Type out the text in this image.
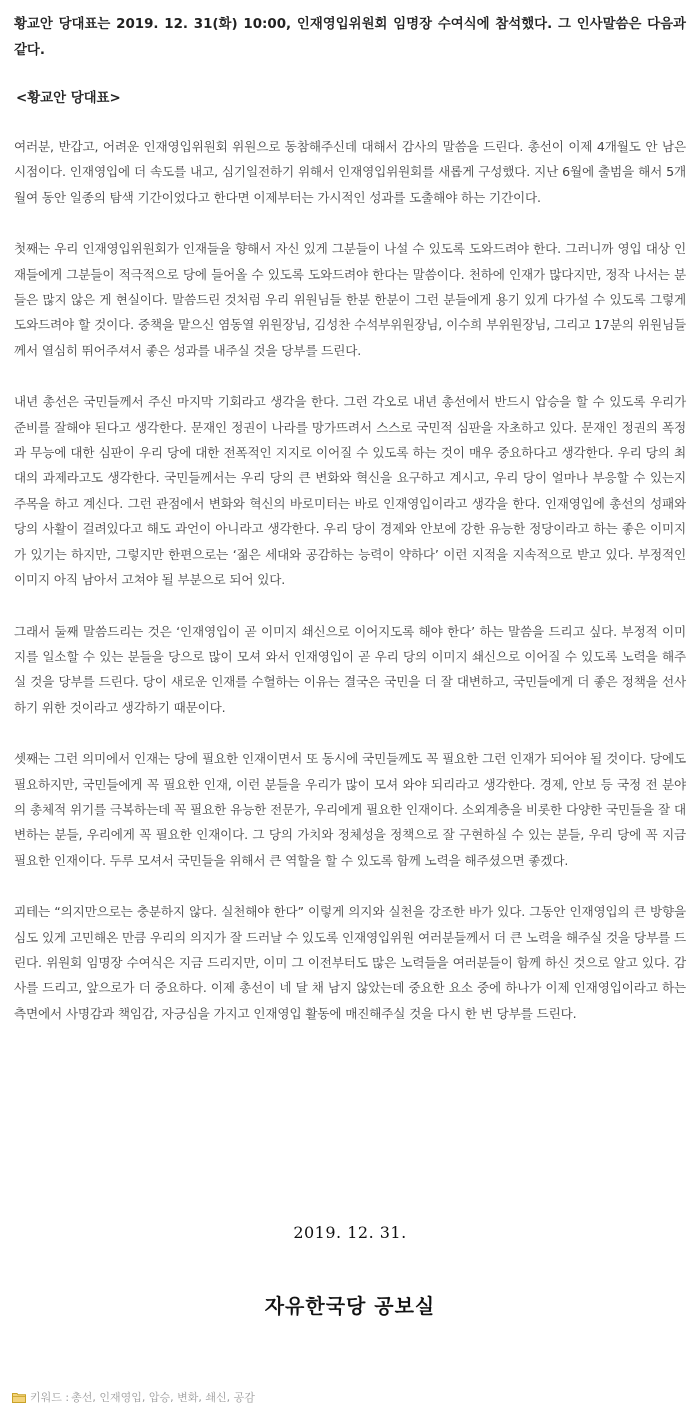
황교안 당대표는 2019. 12. 31(화) 10:00, 인재영입위원회 임명장 수여식에 참석했다. 그 인사말씀은 다음과 같다.

<황교안 당대표>

여러분, 반갑고, 어려운 인재영입위원회 위원으로 동참해주신데 대해서 감사의 말씀을 드린다. 총선이 이제 4개월도 안 남은 시점이다. 인재영입에 더 속도를 내고, 심기일전하기 위해서 인재영입위원회를 새롭게 구성했다. 지난 6월에 출범을 해서 5개월여 동안 일종의 탐색 기간이었다고 한다면 이제부터는 가시적인 성과를 도출해야 하는 기간이다.

첫째는 우리 인재영입위원회가 인재들을 향해서 자신 있게 그분들이 나설 수 있도록 도와드려야 한다. 그러니까 영입 대상 인재들에게 그분들이 적극적으로 당에 들어올 수 있도록 도와드려야 한다는 말씀이다. 천하에 인재가 많다지만, 정작 나서는 분들은 많지 않은 게 현실이다. 말씀드린 것처럼 우리 위원님들 한분 한분이 그런 분들에게 용기 있게 다가설 수 있도록 그렇게 도와드려야 할 것이다. 중책을 맡으신 염동열 위원장님, 김성찬 수석부위원장님, 이수희 부위원장님, 그리고 17분의 위원님들께서 열심히 뛰어주셔서 좋은 성과를 내주실 것을 당부를 드린다.

내년 총선은 국민들께서 주신 마지막 기회라고 생각을 한다. 그런 각오로 내년 총선에서 반드시 압승을 할 수 있도록 우리가 준비를 잘해야 된다고 생각한다. 문재인 정권이 나라를 망가뜨려서 스스로 국민적 심판을 자초하고 있다. 문재인 정권의 폭정과 무능에 대한 심판이 우리 당에 대한 전폭적인 지지로 이어질 수 있도록 하는 것이 매우 중요하다고 생각한다. 우리 당의 최대의 과제라고도 생각한다. 국민들께서는 우리 당의 큰 변화와 혁신을 요구하고 계시고, 우리 당이 얼마나 부응할 수 있는지 주목을 하고 계신다. 그런 관점에서 변화와 혁신의 바로미터는 바로 인재영입이라고 생각을 한다. 인재영입에 총선의 성패와 당의 사활이 걸려있다고 해도 과언이 아니라고 생각한다. 우리 당이 경제와 안보에 강한 유능한 정당이라고 하는 좋은 이미지가 있기는 하지만, 그렇지만 한편으로는 ‘젊은 세대와 공감하는 능력이 약하다’ 이런 지적을 지속적으로 받고 있다. 부정적인 이미지 아직 남아서 고쳐야 될 부분으로 되어 있다.

그래서 둘째 말씀드리는 것은 ‘인재영입이 곧 이미지 쇄신으로 이어지도록 해야 한다’ 하는 말씀을 드리고 싶다. 부정적 이미지를 일소할 수 있는 분들을 당으로 많이 모셔 와서 인재영입이 곧 우리 당의 이미지 쇄신으로 이어질 수 있도록 노력을 해주실 것을 당부를 드린다. 당이 새로운 인재를 수혈하는 이유는 결국은 국민을 더 잘 대변하고, 국민들에게 더 좋은 정책을 선사하기 위한 것이라고 생각하기 때문이다.

셋째는 그런 의미에서 인재는 당에 필요한 인재이면서 또 동시에 국민들께도 꼭 필요한 그런 인재가 되어야 될 것이다. 당에도 필요하지만, 국민들에게 꼭 필요한 인재, 이런 분들을 우리가 많이 모셔 와야 되리라고 생각한다. 경제, 안보 등 국정 전 분야의 총체적 위기를 극복하는데 꼭 필요한 유능한 전문가, 우리에게 필요한 인재이다. 소외계층을 비롯한 다양한 국민들을 잘 대변하는 분들, 우리에게 꼭 필요한 인재이다. 그 당의 가치와 정체성을 정책으로 잘 구현하실 수 있는 분들, 우리 당에 꼭 지금 필요한 인재이다. 두루 모셔서 국민들을 위해서 큰 역할을 할 수 있도록 함께 노력을 해주셨으면 좋겠다.

괴테는 “의지만으로는 충분하지 않다. 실천해야 한다” 이렇게 의지와 실천을 강조한 바가 있다. 그동안 인재영입의 큰 방향을 심도 있게 고민해온 만큼 우리의 의지가 잘 드러날 수 있도록 인재영입위원 여러분들께서 더 큰 노력을 해주실 것을 당부를 드린다. 위원회 임명장 수여식은 지금 드리지만, 이미 그 이전부터도 많은 노력들을 여러분들이 함께 하신 것으로 알고 있다. 감사를 드리고, 앞으로가 더 중요하다. 이제 총선이 네 달 채 남지 않았는데 중요한 요소 중에 하나가 이제 인재영입이라고 하는 측면에서 사명감과 책임감, 자긍심을 가지고 인재영입 활동에 매진해주실 것을 다시 한 번 당부를 드린다.

2019. 12. 31.
자유한국당 공보실
키워드 : 총선, 인재영입, 압승, 변화, 쇄신, 공감
